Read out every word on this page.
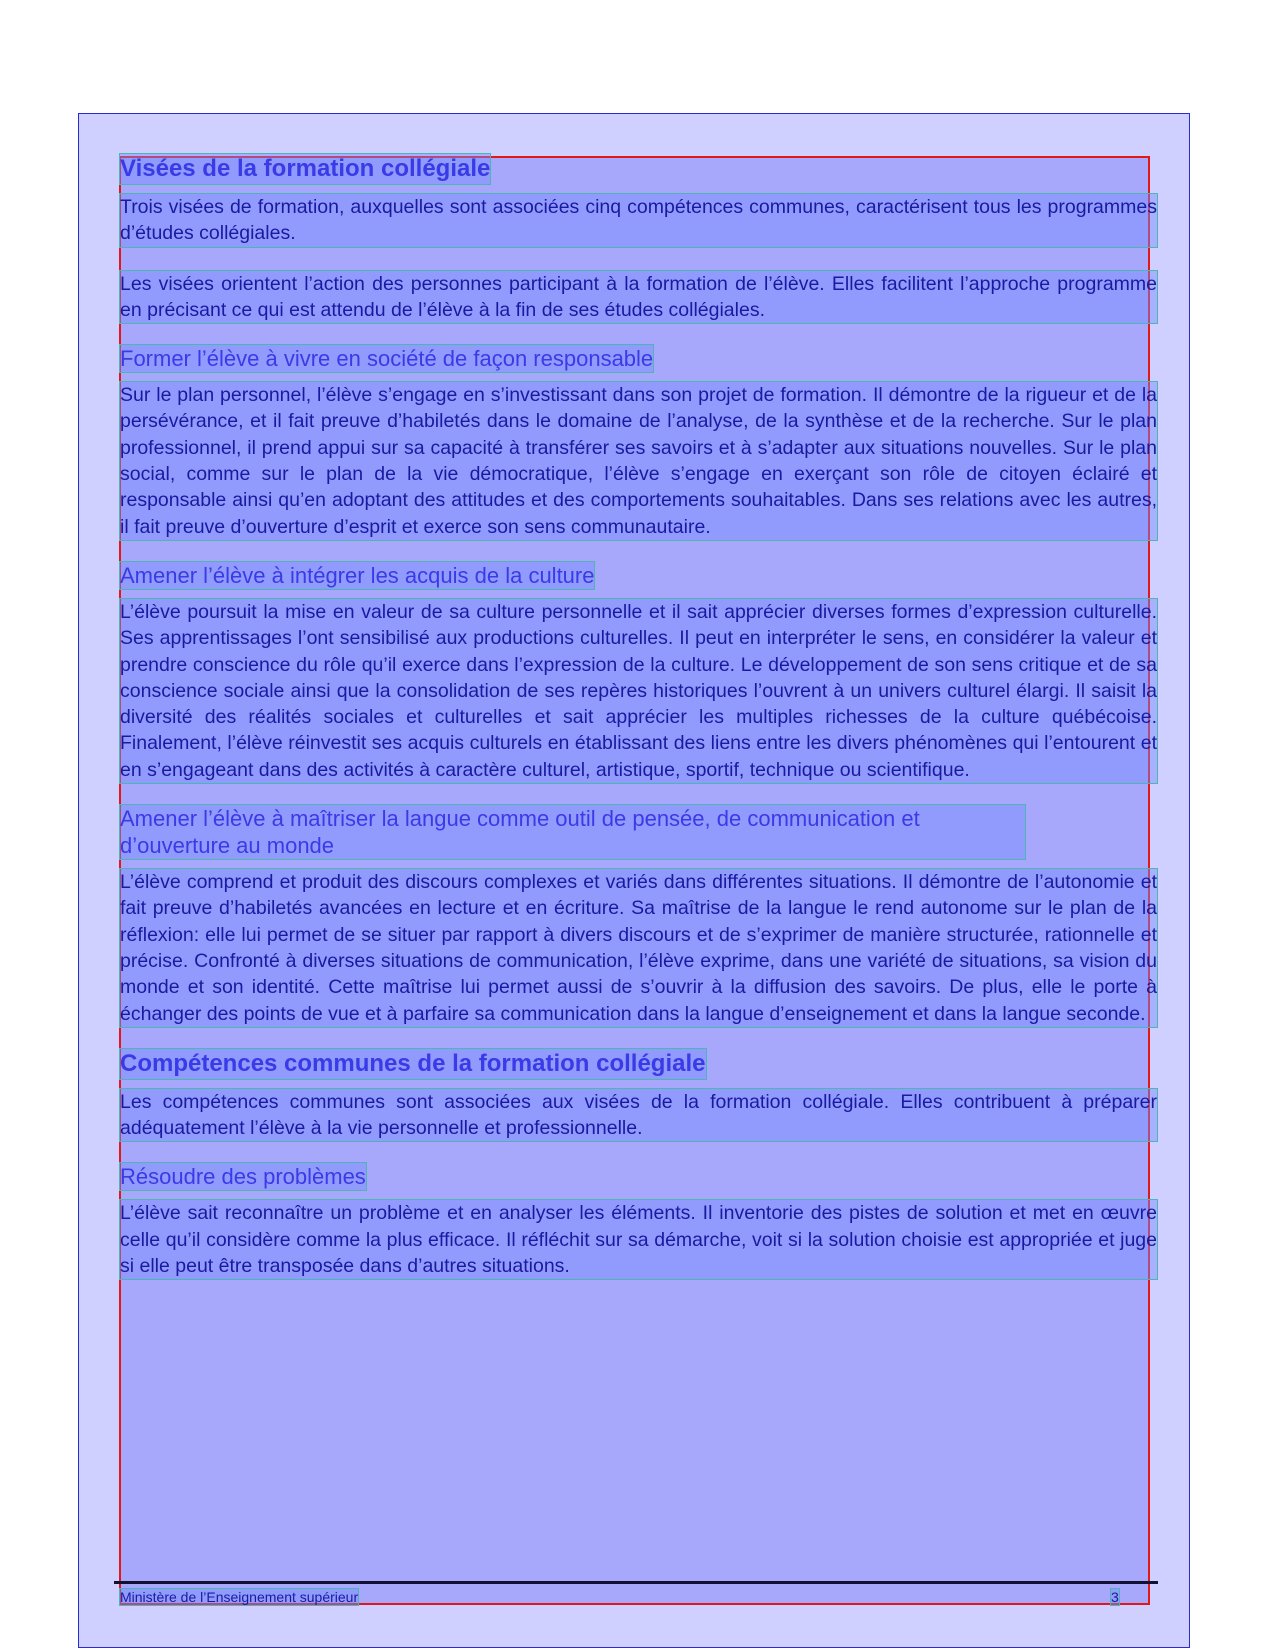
Visées de la formation collégiale

Trois visées de formation, auxquelles sont associées cinq compétences communes, caractérisent tous les programmes d’études collégiales.

Les visées orientent l’action des personnes participant à la formation de l’élève. Elles facilitent l’approche programme en précisant ce qui est attendu de l’élève à la fin de ses études collégiales.

Former l’élève à vivre en société de façon responsable

Sur le plan personnel, l’élève s’engage en s’investissant dans son projet de formation. Il démontre de la rigueur et de la persévérance, et il fait preuve d’habiletés dans le domaine de l’analyse, de la synthèse et de la recherche. Sur le plan professionnel, il prend appui sur sa capacité à transférer ses savoirs et à s’adapter aux situations nouvelles. Sur le plan social, comme sur le plan de la vie démocratique, l’élève s’engage en exerçant son rôle de citoyen éclairé et responsable ainsi qu’en adoptant des attitudes et des comportements souhaitables. Dans ses relations avec les autres, il fait preuve d’ouverture d’esprit et exerce son sens communautaire.

Amener l’élève à intégrer les acquis de la culture

L’élève poursuit la mise en valeur de sa culture personnelle et il sait apprécier diverses formes d’expression culturelle. Ses apprentissages l’ont sensibilisé aux productions culturelles. Il peut en interpréter le sens, en considérer la valeur et prendre conscience du rôle qu’il exerce dans l’expression de la culture. Le développement de son sens critique et de sa conscience sociale ainsi que la consolidation de ses repères historiques l’ouvrent à un univers culturel élargi. Il saisit la diversité des réalités sociales et culturelles et sait apprécier les multiples richesses de la culture québécoise. Finalement, l’élève réinvestit ses acquis culturels en établissant des liens entre les divers phénomènes qui l’entourent et en s’engageant dans des activités à caractère culturel, artistique, sportif, technique ou scientifique.

Amener l’élève à maîtriser la langue comme outil de pensée, de communication et d’ouverture au monde

L’élève comprend et produit des discours complexes et variés dans différentes situations. Il démontre de l’autonomie et fait preuve d’habiletés avancées en lecture et en écriture. Sa maîtrise de la langue le rend autonome sur le plan de la réflexion: elle lui permet de se situer par rapport à divers discours et de s’exprimer de manière structurée, rationnelle et précise. Confronté à diverses situations de communication, l’élève exprime, dans une variété de situations, sa vision du monde et son identité. Cette maîtrise lui permet aussi de s’ouvrir à la diffusion des savoirs. De plus, elle le porte à échanger des points de vue et à parfaire sa communication dans la langue d’enseignement et dans la langue seconde.

Compétences communes de la formation collégiale

Les compétences communes sont associées aux visées de la formation collégiale. Elles contribuent à préparer adéquatement l’élève à la vie personnelle et professionnelle.

Résoudre des problèmes

L’élève sait reconnaître un problème et en analyser les éléments. Il inventorie des pistes de solution et met en œuvre celle qu’il considère comme la plus efficace. Il réfléchit sur sa démarche, voit si la solution choisie est appropriée et juge si elle peut être transposée dans d’autres situations.

Ministère de l’Enseignement supérieur	3
